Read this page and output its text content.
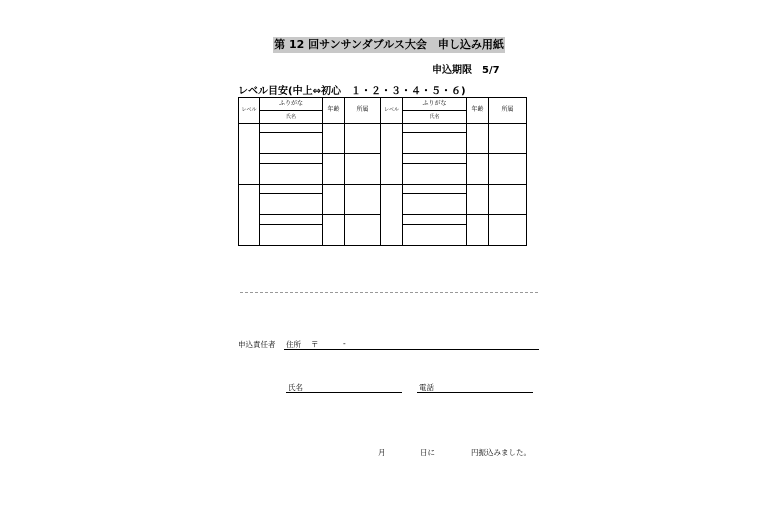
第 12 回サンサンダブルス大会　申し込み用紙
申込期限　5/7
レベル目安(中上⇔初心　１・２・３・４・５・６)
レベル	ふりがな	年齢	所属	レベル	ふりがな	年齢	所属
	氏名				氏名		

申込責任者 住所 〒	-
氏名	電話
月	日に	円振込みました。
